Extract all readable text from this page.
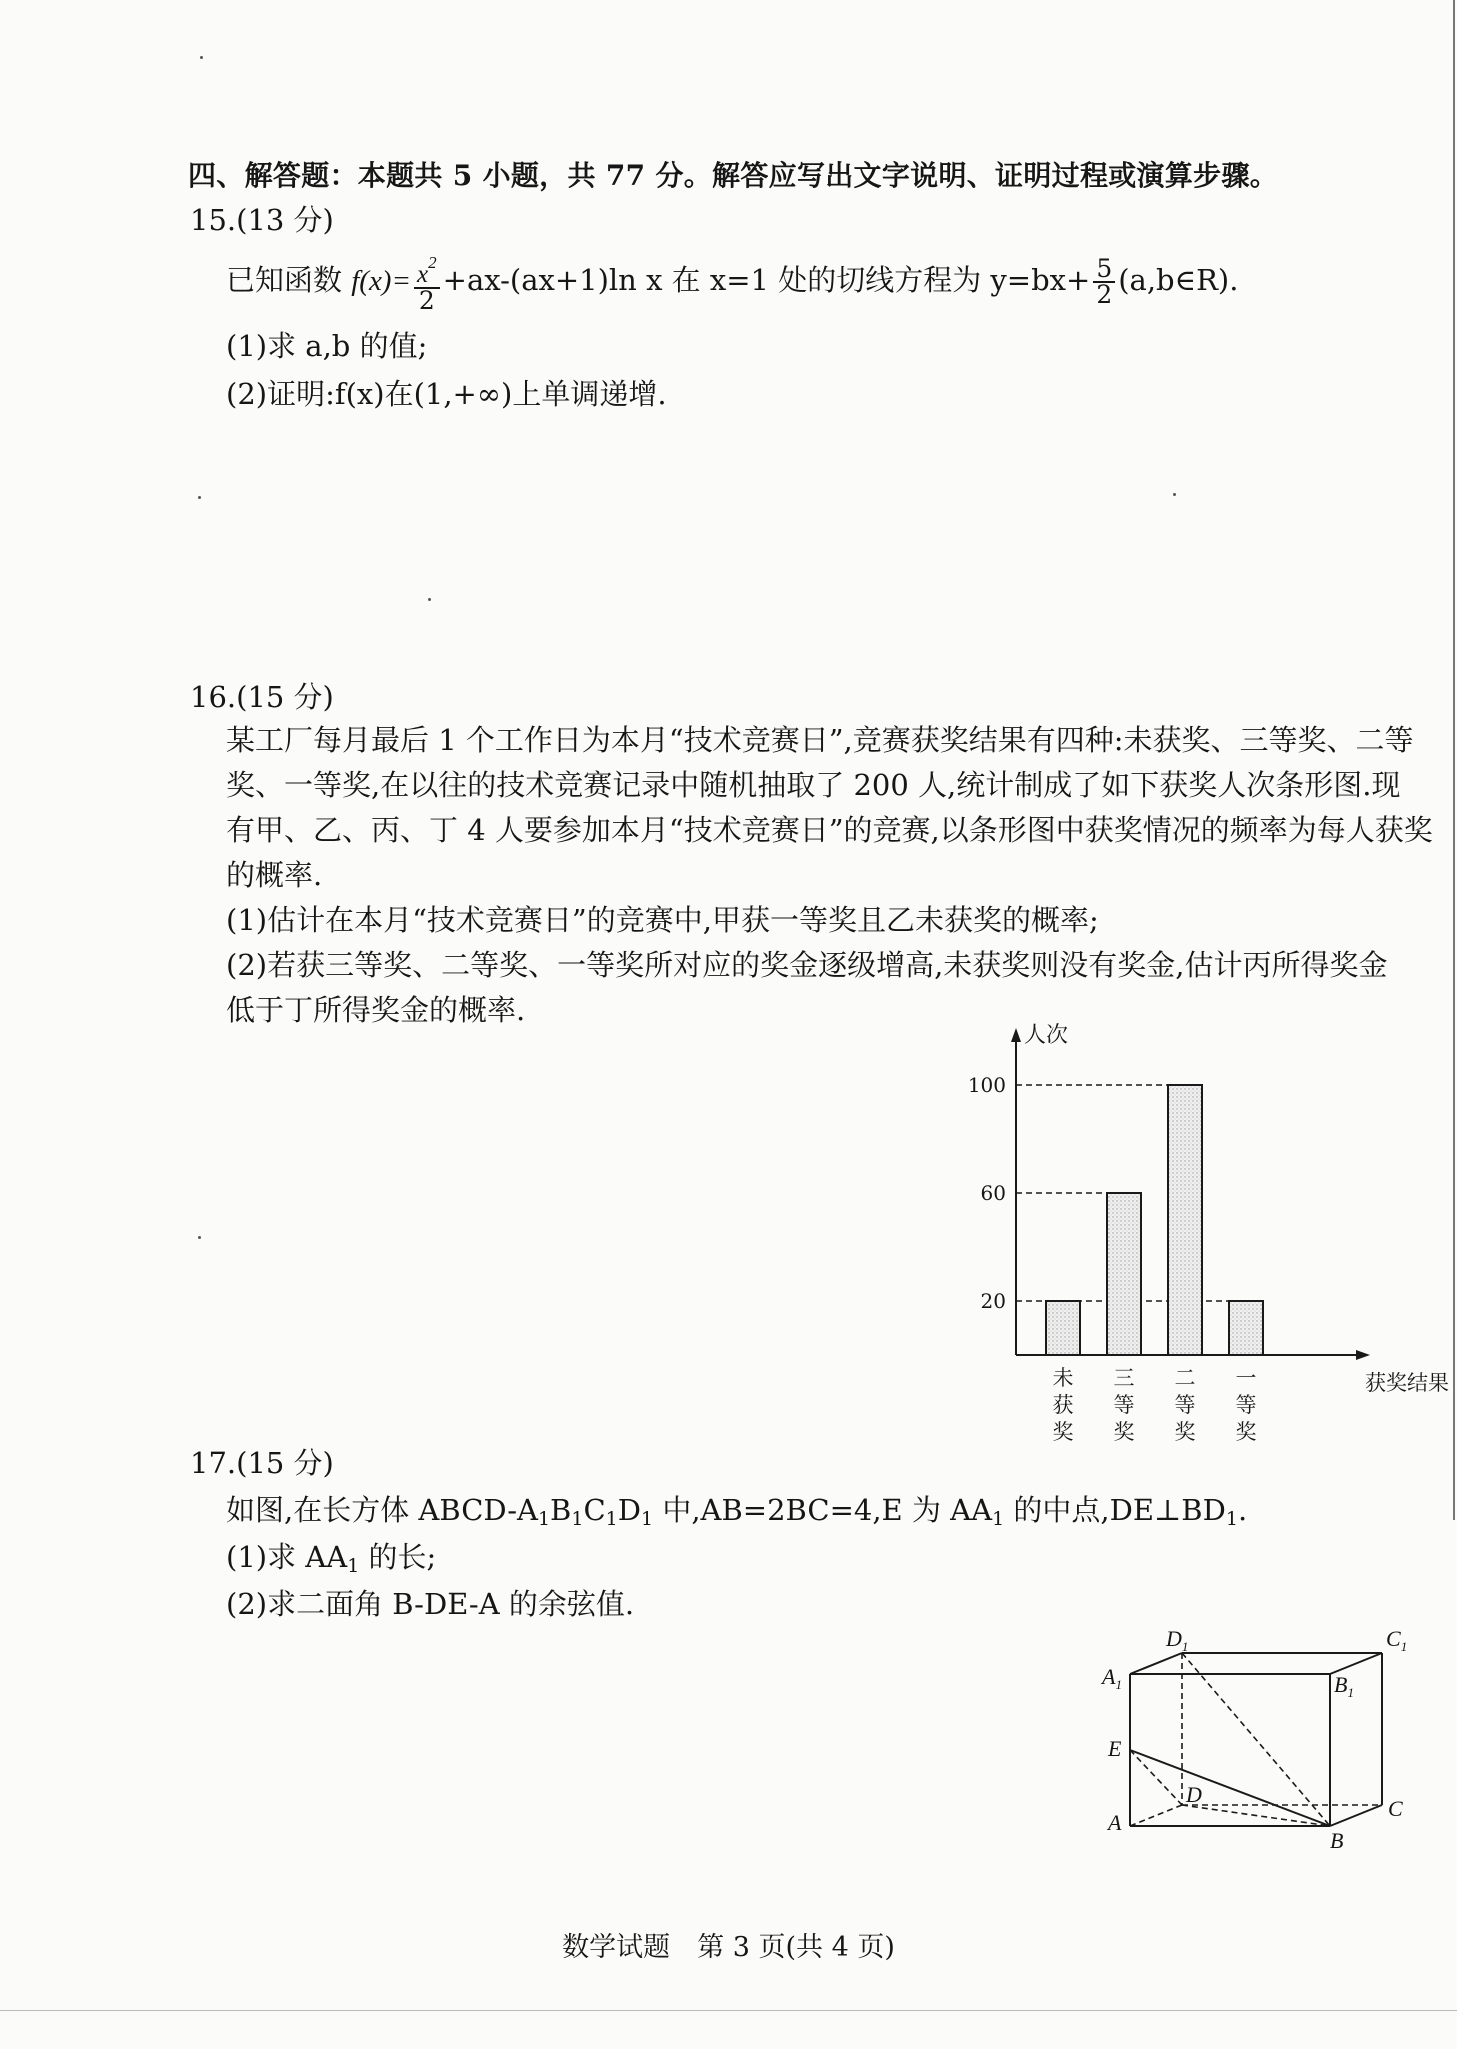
四、解答题：本题共 5 小题，共 77 分。解答应写出文字说明、证明过程或演算步骤。
15.(13 分)
已知函数 $f(x)= \frac{x^2}{2} +ax-(ax+1)\ln$ x 在 x=1 处的切线方程为 $y=bx+ \frac{5}{2}$ (a,b∈R).
(1)求 a,b 的值;
(2)证明:f(x)在(1,+∞)上单调递增.
16.(15 分)
某工厂每月最后 1 个工作日为本月“技术竞赛日”,竞赛获奖结果有四种:未获奖、三等奖、二等
奖、一等奖,在以往的技术竞赛记录中随机抽取了 200 人,统计制成了如下获奖人次条形图.现
有甲、乙、丙、丁 4 人要参加本月“技术竞赛日”的竞赛,以条形图中获奖情况的频率为每人获奖
的概率.
(1)估计在本月“技术竞赛日”的竞赛中,甲获一等奖且乙未获奖的概率;
(2)若获三等奖、二等奖、一等奖所对应的奖金逐级增高,未获奖则没有奖金,估计丙所得奖金
低于丁所得奖金的概率.
人次
获奖结果
20
60
100
未
获
奖
三
等
奖
二
等
奖
一
等
奖
17.(15 分)
如图,在长方体 ABCD-$A_1B_1C_1D_1$ 中,AB=2BC=4,E 为 $AA_1$ 的中点$,DE\perp BD_1$.
(1)求 $AA_1$ 的长;
(2)求二面角 B-DE-A 的余弦值.
$D_1$	$C_1$
$A_1$	$B_1$
E
D
A
C
B
数学试题　第 3 页(共 4 页)
